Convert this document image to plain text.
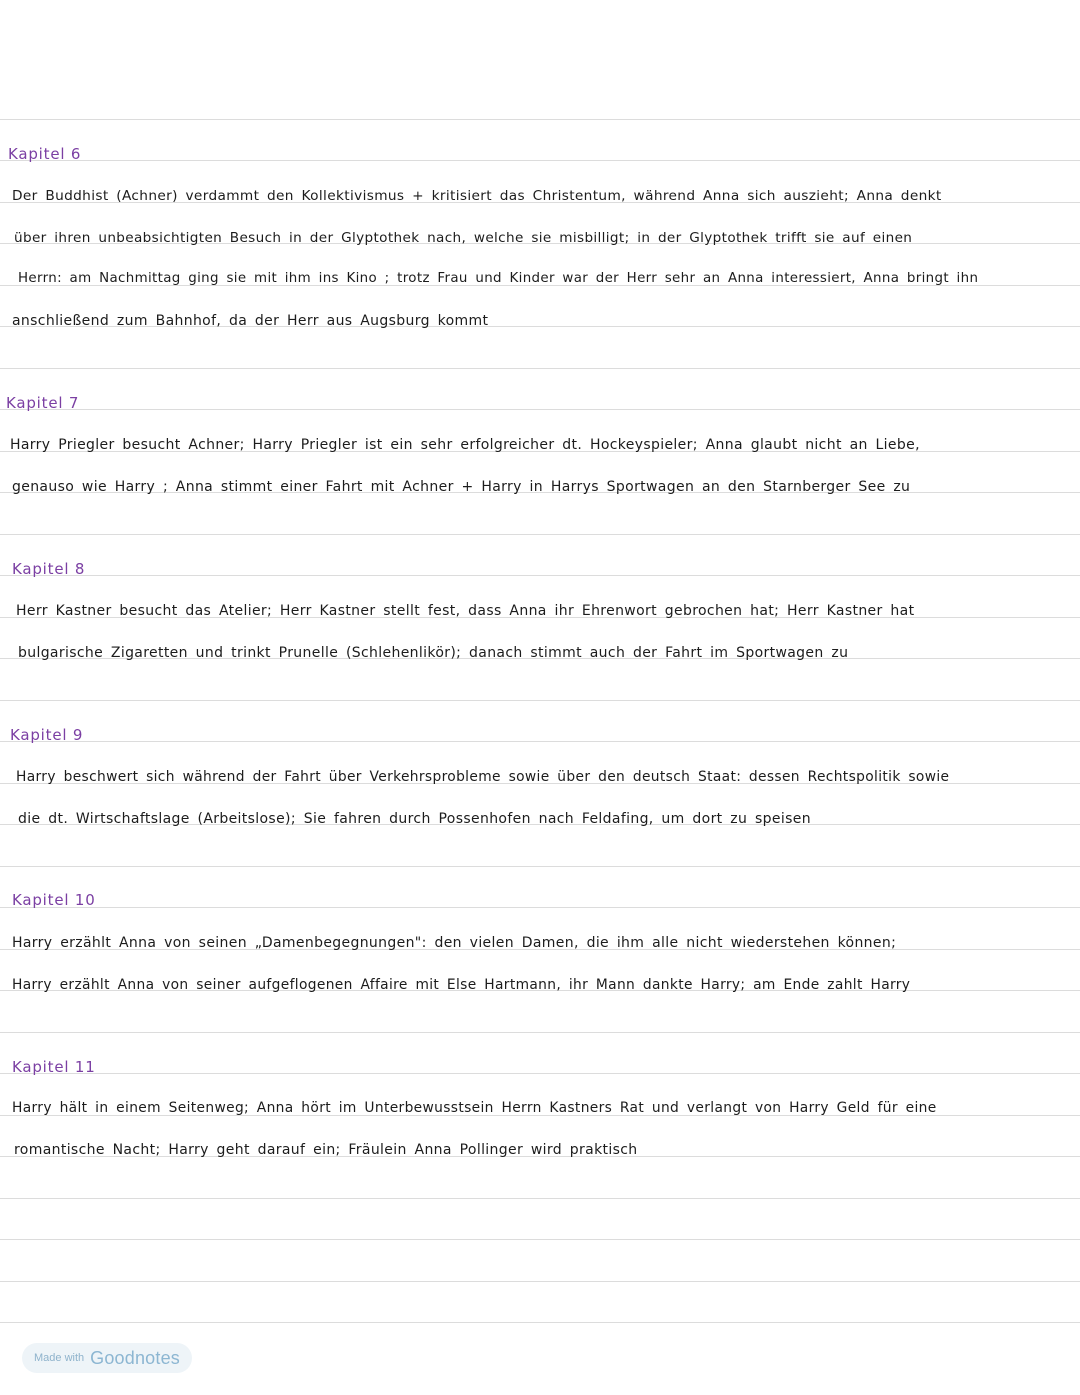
Kapitel 6
Der Buddhist (Achner) verdammt den Kollektivismus + kritisiert das Christentum, während Anna sich auszieht; Anna denkt
über ihren unbeabsichtigten Besuch in der Glyptothek nach, welche sie misbilligt; in der Glyptothek trifft sie auf einen
Herrn: am Nachmittag ging sie mit ihm ins Kino ; trotz Frau und Kinder war der Herr sehr an Anna interessiert, Anna bringt ihn
anschließend zum Bahnhof, da der Herr aus Augsburg kommt
Kapitel 7
Harry Priegler besucht Achner; Harry Priegler ist ein sehr erfolgreicher dt. Hockeyspieler; Anna glaubt nicht an Liebe,
genauso wie Harry ; Anna stimmt einer Fahrt mit Achner + Harry in Harrys Sportwagen an den Starnberger See zu
Kapitel 8
Herr Kastner besucht das Atelier; Herr Kastner stellt fest, dass Anna ihr Ehrenwort gebrochen hat; Herr Kastner hat
bulgarische Zigaretten und trinkt Prunelle (Schlehenlikör); danach stimmt auch der Fahrt im Sportwagen zu
Kapitel 9
Harry beschwert sich während der Fahrt über Verkehrsprobleme sowie über den deutsch Staat: dessen Rechtspolitik sowie
die dt. Wirtschaftslage (Arbeitslose); Sie fahren durch Possenhofen nach Feldafing, um dort zu speisen
Kapitel 10
Harry erzählt Anna von seinen „Damenbegegnungen": den vielen Damen, die ihm alle nicht wiederstehen können;
Harry erzählt Anna von seiner aufgeflogenen Affaire mit Else Hartmann, ihr Mann dankte Harry; am Ende zahlt Harry
Kapitel 11
Harry hält in einem Seitenweg; Anna hört im Unterbewusstsein Herrn Kastners Rat und verlangt von Harry Geld für eine
romantische Nacht; Harry geht darauf ein; Fräulein Anna Pollinger wird praktisch
Made with Goodnotes
